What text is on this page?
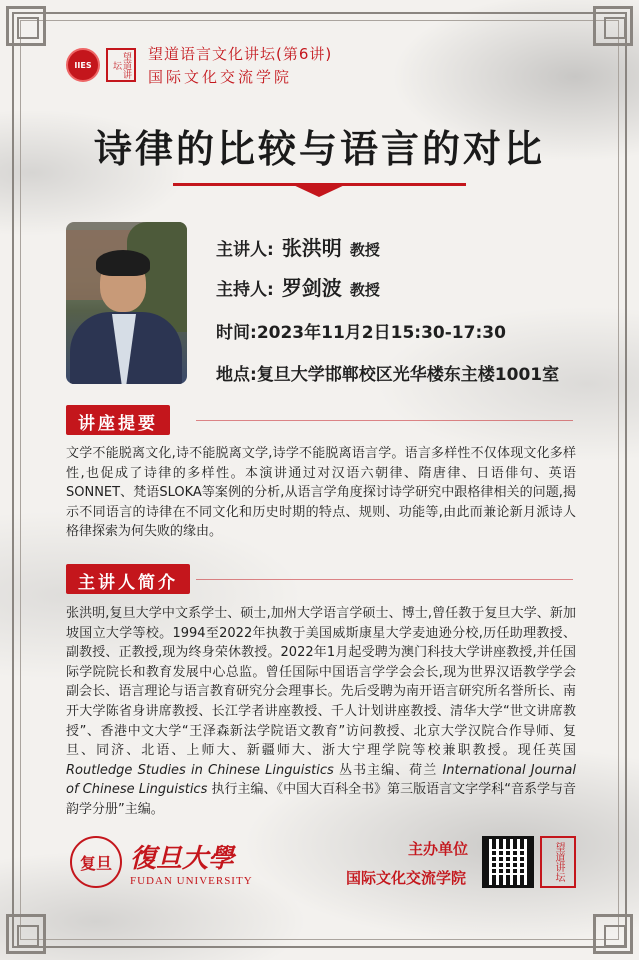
IIES	望道讲坛
望道语言文化讲坛(第6讲)
国际文化交流学院
诗律的比较与语言的对比
主讲人: 张洪明 教授
主持人: 罗剑波 教授
时间:2023年11月2日15:30-17:30
地点:复旦大学邯郸校区光华楼东主楼1001室
讲座提要
文学不能脱离文化,诗不能脱离文学,诗学不能脱离语言学。语言多样性不仅体现文化多样性,也促成了诗律的多样性。本演讲通过对汉语六朝律、隋唐律、日语俳句、英语SONNET、梵语SLOKA等案例的分析,从语言学角度探讨诗学研究中跟格律相关的问题,揭示不同语言的诗律在不同文化和历史时期的特点、规则、功能等,由此而兼论新月派诗人格律探索为何失败的缘由。
主讲人简介
张洪明,复旦大学中文系学士、硕士,加州大学语言学硕士、博士,曾任教于复旦大学、新加坡国立大学等校。1994至2022年执教于美国威斯康星大学麦迪逊分校,历任助理教授、副教授、正教授,现为终身荣休教授。2022年1月起受聘为澳门科技大学讲座教授,并任国际学院院长和教育发展中心总监。曾任国际中国语言学学会会长,现为世界汉语教学学会副会长、语言理论与语言教育研究分会理事长。先后受聘为南开语言研究所名誉所长、南开大学陈省身讲席教授、长江学者讲座教授、千人计划讲座教授、清华大学“世文讲席教授”、香港中文大学“王泽森新法学院语文教育”访问教授、北京大学汉院合作导师、复旦、同济、北语、上师大、新疆师大、浙大宁理学院等校兼职教授。现任英国 Routledge Studies in Chinese Linguistics 丛书主编、荷兰 International Journal of Chinese Linguistics 执行主编、《中国大百科全书》第三版语言文字学科“音系学与音韵学分册”主编。
复旦 復旦大學
FUDAN UNIVERSITY
主办单位
国际文化交流学院	望道讲坛
